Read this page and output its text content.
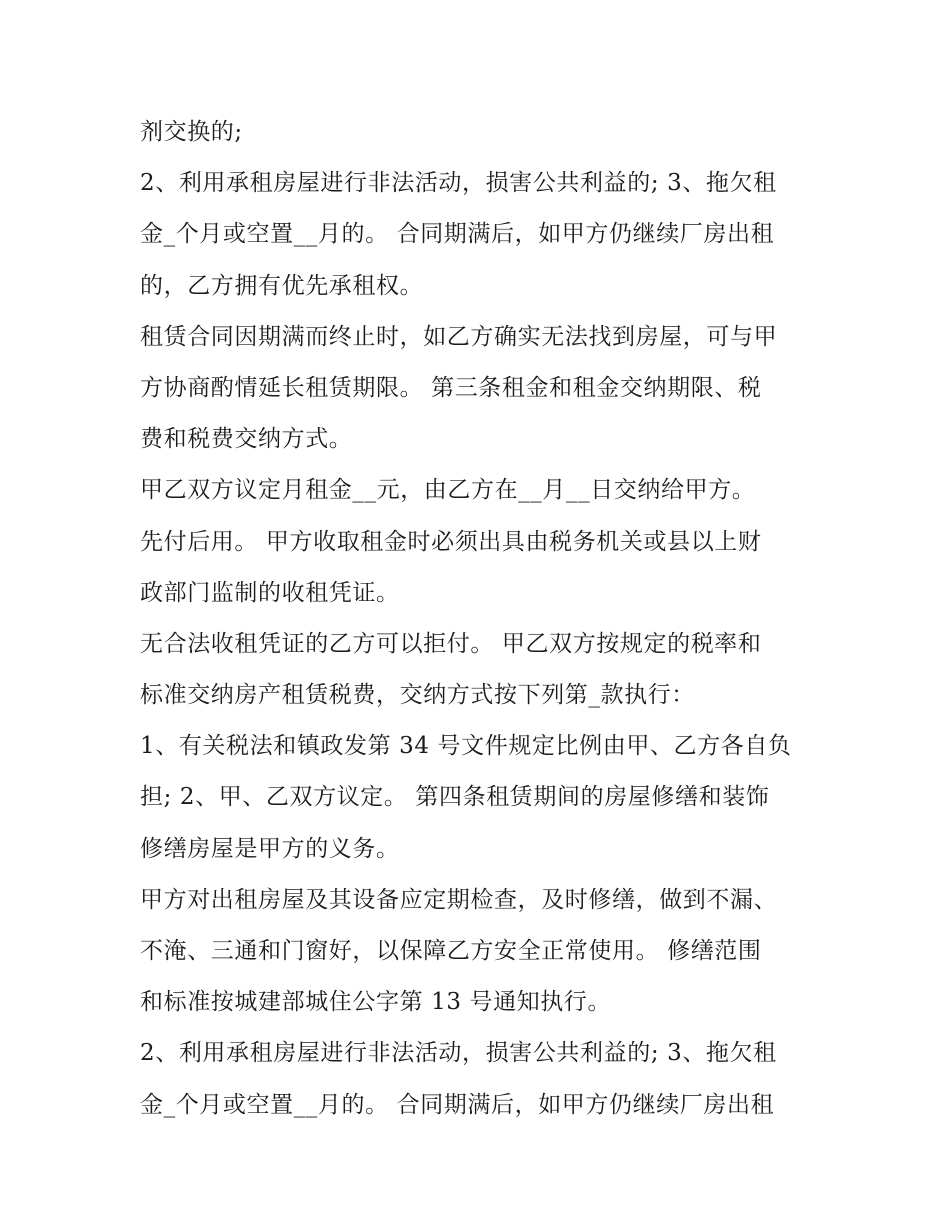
剂交换的;
2、利用承租房屋进行非法活动，损害公共利益的; 3、拖欠租
金_个月或空置__月的。 合同期满后，如甲方仍继续厂房出租
的，乙方拥有优先承租权。
租赁合同因期满而终止时，如乙方确实无法找到房屋，可与甲
方协商酌情延长租赁期限。 第三条租金和租金交纳期限、税
费和税费交纳方式。
甲乙双方议定月租金__元，由乙方在__月__日交纳给甲方。
先付后用。 甲方收取租金时必须出具由税务机关或县以上财
政部门监制的收租凭证。
无合法收租凭证的乙方可以拒付。 甲乙双方按规定的税率和
标准交纳房产租赁税费，交纳方式按下列第_款执行：
1、有关税法和镇政发第 34 号文件规定比例由甲、乙方各自负
担; 2、甲、乙双方议定。 第四条租赁期间的房屋修缮和装饰
修缮房屋是甲方的义务。
甲方对出租房屋及其设备应定期检查，及时修缮，做到不漏、
不淹、三通和门窗好，以保障乙方安全正常使用。 修缮范围
和标准按城建部城住公字第 13 号通知执行。
2、利用承租房屋进行非法活动，损害公共利益的; 3、拖欠租
金_个月或空置__月的。 合同期满后，如甲方仍继续厂房出租
